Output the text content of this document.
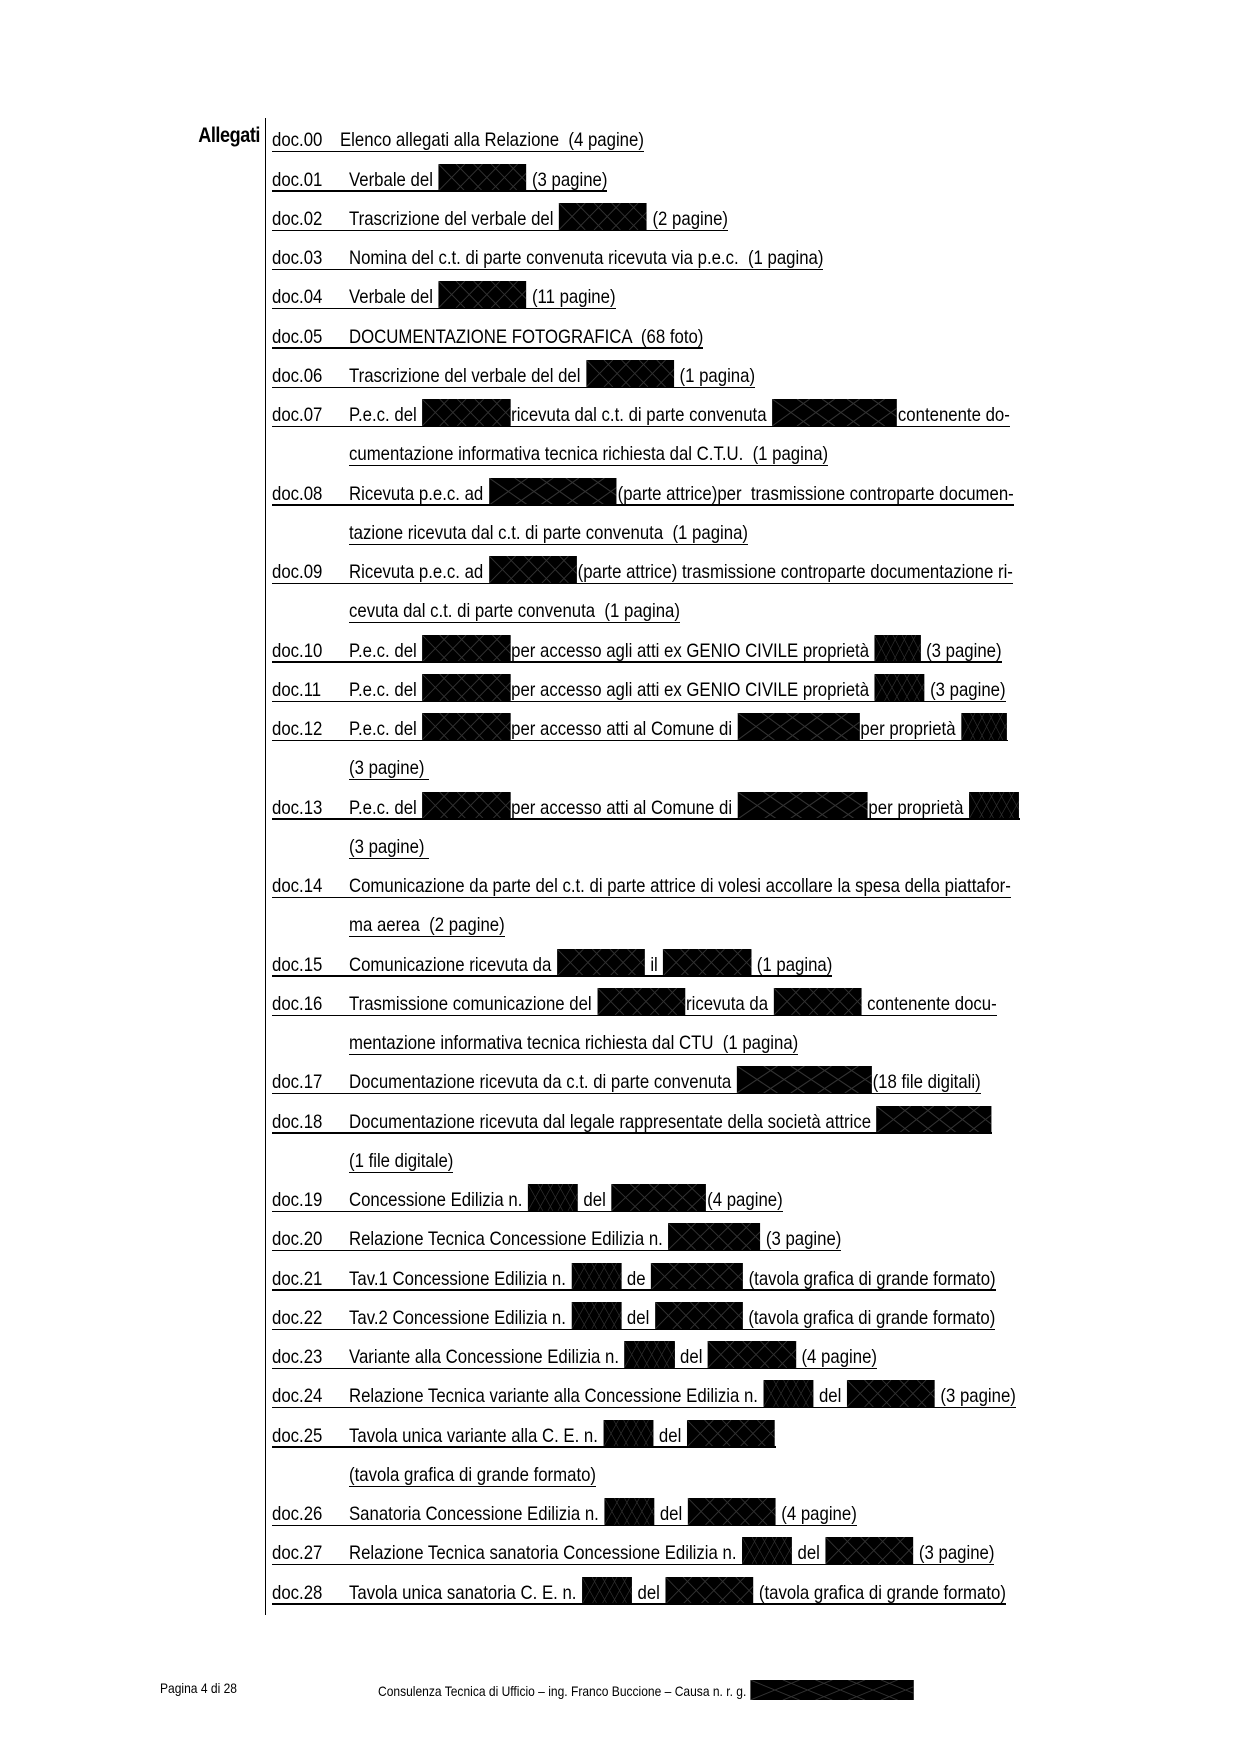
Allegati doc.00 Elenco allegati alla Relazione  (4 pagine)
doc.01	Verbale del	(3 pagine)
doc.02	Trascrizione del verbale del	(2 pagine)
doc.03	Nomina del c.t. di parte convenuta ricevuta via p.e.c.  (1 pagina)
doc.04	Verbale del	(11 pagine)
doc.05	DOCUMENTAZIONE FOTOGRAFICA  (68 foto)
doc.06	Trascrizione del verbale del del	(1 pagina)
doc.07	P.e.c. del	ricevuta dal c.t. di parte convenuta	contenente do-
cumentazione informativa tecnica richiesta dal C.T.U.  (1 pagina)
doc.08	Ricevuta p.e.c. ad	(parte attrice)per  trasmissione controparte documen-
tazione ricevuta dal c.t. di parte convenuta  (1 pagina)
doc.09	Ricevuta p.e.c. ad	(parte attrice) trasmissione controparte documentazione ri-
cevuta dal c.t. di parte convenuta  (1 pagina)
doc.10	P.e.c. del	per accesso agli atti ex GENIO CIVILE proprietà
(3 pagine)
doc.11	P.e.c. del	per accesso agli atti ex GENIO CIVILE proprietà	(3 pagine)
doc.12	P.e.c. del	per accesso atti al Comune di	per proprietà
(3 pagine)
doc.13	P.e.c. del	per accesso atti al Comune di	per proprietà
(3 pagine)
doc.14	Comunicazione da parte del c.t. di parte attrice di volesi accollare la spesa della piattafor-
ma aerea  (2 pagine)
doc.15	Comunicazione ricevuta da	il	(1 pagina)
doc.16	Trasmissione comunicazione del	ricevuta da	contenente docu-
mentazione informativa tecnica richiesta dal CTU  (1 pagina)
doc.17	Documentazione ricevuta da c.t. di parte convenuta	(18 file digitali)
doc.18	Documentazione ricevuta dal legale rappresentate della società attrice
(1 file digitale)
doc.19	Concessione Edilizia n.	del	(4 pagine)
doc.20	Relazione Tecnica Concessione Edilizia n.	(3 pagine)
doc.21	Tav.1 Concessione Edilizia n.	de	(tavola grafica di grande formato)
doc.22	Tav.2 Concessione Edilizia n.	del	(tavola grafica di grande formato)
doc.23	Variante alla Concessione Edilizia n.	del	(4 pagine)
doc.24	Relazione Tecnica variante alla Concessione Edilizia n.	del	(3 pagine)
doc.25	Tavola unica variante alla C. E. n.	del
(tavola grafica di grande formato)
doc.26	Sanatoria Concessione Edilizia n.	del	(4 pagine)
doc.27	Relazione Tecnica sanatoria Concessione Edilizia n.	del	(3 pagine)
doc.28	Tavola unica sanatoria C. E. n.	del	(tavola grafica di grande formato)
Pagina 4 di 28	Consulenza Tecnica di Ufficio – ing. Franco Buccione – Causa n. r. g.
